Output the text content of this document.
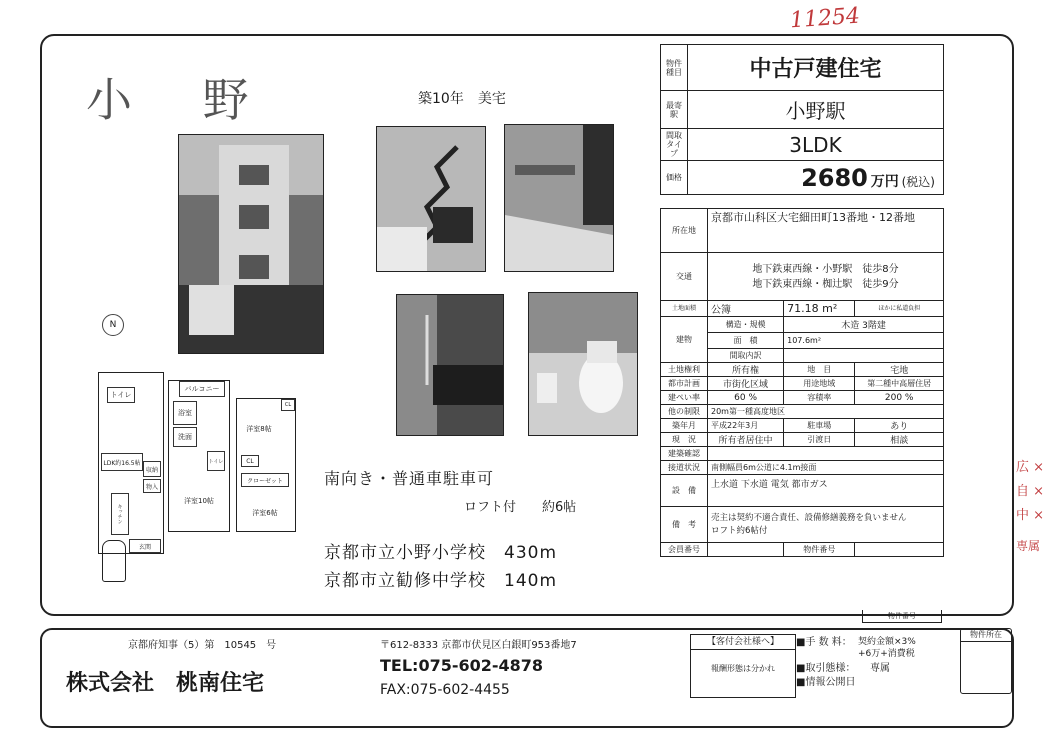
11254
広 ×
自 ×
中 ×
専属
小 野	築10年　美宅
N
トイレ
LDK約16.5帖
収納
物入
キッチン
玄関
バルコニー
洗面
浴室
トイレ
洋室10帖
洋室8帖
CL
CL
クローゼット
洋室6帖
南向き・普通車駐車可
ロフト付　　約6帖
京都市立小野小学校　430m
京都市立勧修中学校　140m
物件種目	中古戸建住宅
最寄駅	小野駅
間取タイプ	3LDK
価格	2680 万円 (税込)
所在地	京都市山科区大宅細田町13番地・12番地		
交通	地下鉄東西線・小野駅　徒歩8分
地下鉄東西線・椥辻駅　徒歩9分		

土地面積	公簿	71.18 m²	ほかに私道負担
建物	構造・規模	木造 3階建	
	面　積	107.6m²	
	間取内訳		
土地権利	所有権	地　目	宅地
都市計画	市街化区域	用途地域	第二種中高層住居
建ぺい率	60 %	容積率	200 %
他の制限	20m第一種高度地区		
築年月	平成22年3月	駐車場	あり
現　況	所有者居住中	引渡日	相談
建築確認			
接道状況	南側幅員6m公道に4.1m接面		
設　備	上水道 下水道 電気 都市ガス		
備　考	売主は契約不適合責任、設備修繕義務を負いません
ロフト約6帖付		

会員番号		物件番号	
物件番号
京都府知事（5）第　10545　号	〒612-8333 京都市伏見区白銀町953番地7
株式会社　桃南住宅
TEL:075-602-4878
FAX:075-602-4455
【客付会社様へ】
報酬形態は分かれ
■手 数 料： 契約金額×3%
+6万+消費税
■取引態様：	専属
■情報公開日
物件所在
